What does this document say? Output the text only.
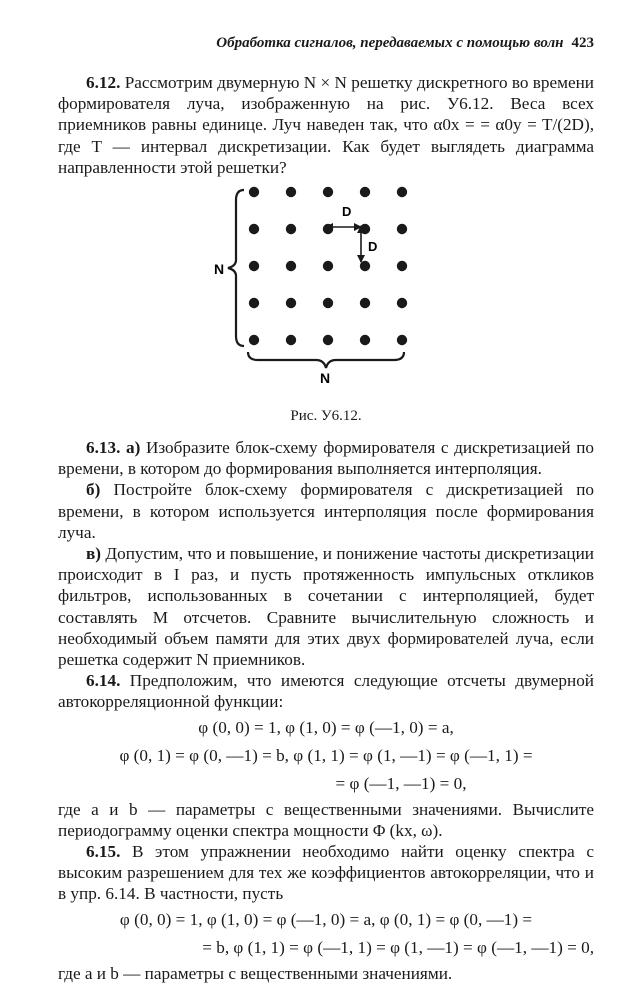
Обработка сигналов, передаваемых с помощью волн 423

6.12. Рассмотрим двумерную N × N решетку дискретного во времени формирователя луча, изображенную на рис. У6.12. Веса всех приемников равны единице. Луч наведен так, что α0x = = α0y = T/(2D), где T — интервал дискретизации. Как будет выглядеть диаграмма направленности этой решетки?

D
D
N
N
Рис. У6.12.

6.13. а) Изобразите блок-схему формирователя с дискретизацией по времени, в котором до формирования выполняется интерполяция.

б) Постройте блок-схему формирователя с дискретизацией по времени, в котором используется интерполяция после формирования луча.

в) Допустим, что и повышение, и понижение частоты дискретизации происходит в I раз, и пусть протяженность импульсных откликов фильтров, использованных в сочетании с интерполяцией, будет составлять M отсчетов. Сравните вычислительную сложность и необходимый объем памяти для этих двух формирователей луча, если решетка содержит N приемников.

6.14. Предположим, что имеются следующие отсчеты двумерной автокорреляционной функции:

φ (0, 0) = 1, φ (1, 0) = φ (—1, 0) = a,
φ (0, 1) = φ (0, —1) = b, φ (1, 1) = φ (1, —1) = φ (—1, 1) =
= φ (—1, —1) = 0,

где a и b — параметры с вещественными значениями. Вычислите периодограмму оценки спектра мощности Φ (kx, ω).

6.15. В этом упражнении необходимо найти оценку спектра с высоким разрешением для тех же коэффициентов автокорреляции, что и в упр. 6.14. В частности, пусть

φ (0, 0) = 1, φ (1, 0) = φ (—1, 0) = a, φ (0, 1) = φ (0, —1) =
= b, φ (1, 1) = φ (—1, 1) = φ (1, —1) = φ (—1, —1) = 0,

где a и b — параметры с вещественными значениями.
